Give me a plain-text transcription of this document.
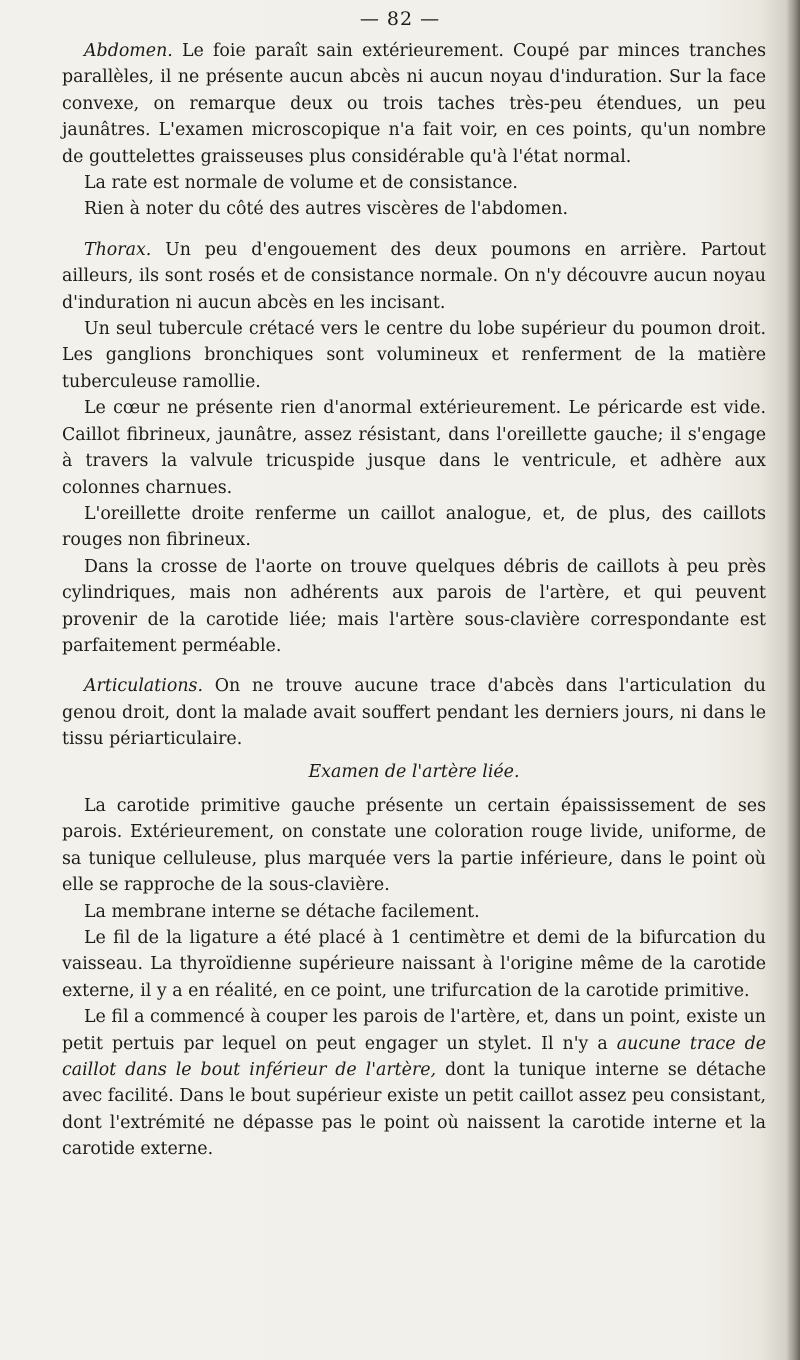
— 82 —

Abdomen. Le foie paraît sain extérieurement. Coupé par minces tranches parallèles, il ne présente aucun abcès ni aucun noyau d'induration. Sur la face convexe, on remarque deux ou trois taches très-peu étendues, un peu jaunâtres. L'examen microscopique n'a fait voir, en ces points, qu'un nombre de gouttelettes graisseuses plus considérable qu'à l'état normal.

La rate est normale de volume et de consistance.

Rien à noter du côté des autres viscères de l'abdomen.

Thorax. Un peu d'engouement des deux poumons en arrière. Partout ailleurs, ils sont rosés et de consistance normale. On n'y découvre aucun noyau d'induration ni aucun abcès en les incisant.

Un seul tubercule crétacé vers le centre du lobe supérieur du poumon droit. Les ganglions bronchiques sont volumineux et renferment de la matière tuberculeuse ramollie.

Le cœur ne présente rien d'anormal extérieurement. Le péricarde est vide. Caillot fibrineux, jaunâtre, assez résistant, dans l'oreillette gauche; il s'engage à travers la valvule tricuspide jusque dans le ventricule, et adhère aux colonnes charnues.

L'oreillette droite renferme un caillot analogue, et, de plus, des caillots rouges non fibrineux.

Dans la crosse de l'aorte on trouve quelques débris de caillots à peu près cylindriques, mais non adhérents aux parois de l'artère, et qui peuvent provenir de la carotide liée; mais l'artère sous-clavière correspondante est parfaitement perméable.

Articulations. On ne trouve aucune trace d'abcès dans l'articulation du genou droit, dont la malade avait souffert pendant les derniers jours, ni dans le tissu périarticulaire.

Examen de l'artère liée.

La carotide primitive gauche présente un certain épaississement de ses parois. Extérieurement, on constate une coloration rouge livide, uniforme, de sa tunique celluleuse, plus marquée vers la partie inférieure, dans le point où elle se rapproche de la sous-clavière.

La membrane interne se détache facilement.

Le fil de la ligature a été placé à 1 centimètre et demi de la bifurcation du vaisseau. La thyroïdienne supérieure naissant à l'origine même de la carotide externe, il y a en réalité, en ce point, une trifurcation de la carotide primitive.

Le fil a commencé à couper les parois de l'artère, et, dans un point, existe un petit pertuis par lequel on peut engager un stylet. Il n'y a aucune trace de caillot dans le bout inférieur de l'artère, dont la tunique interne se détache avec facilité. Dans le bout supérieur existe un petit caillot assez peu consistant, dont l'extrémité ne dépasse pas le point où naissent la carotide interne et la carotide externe.
